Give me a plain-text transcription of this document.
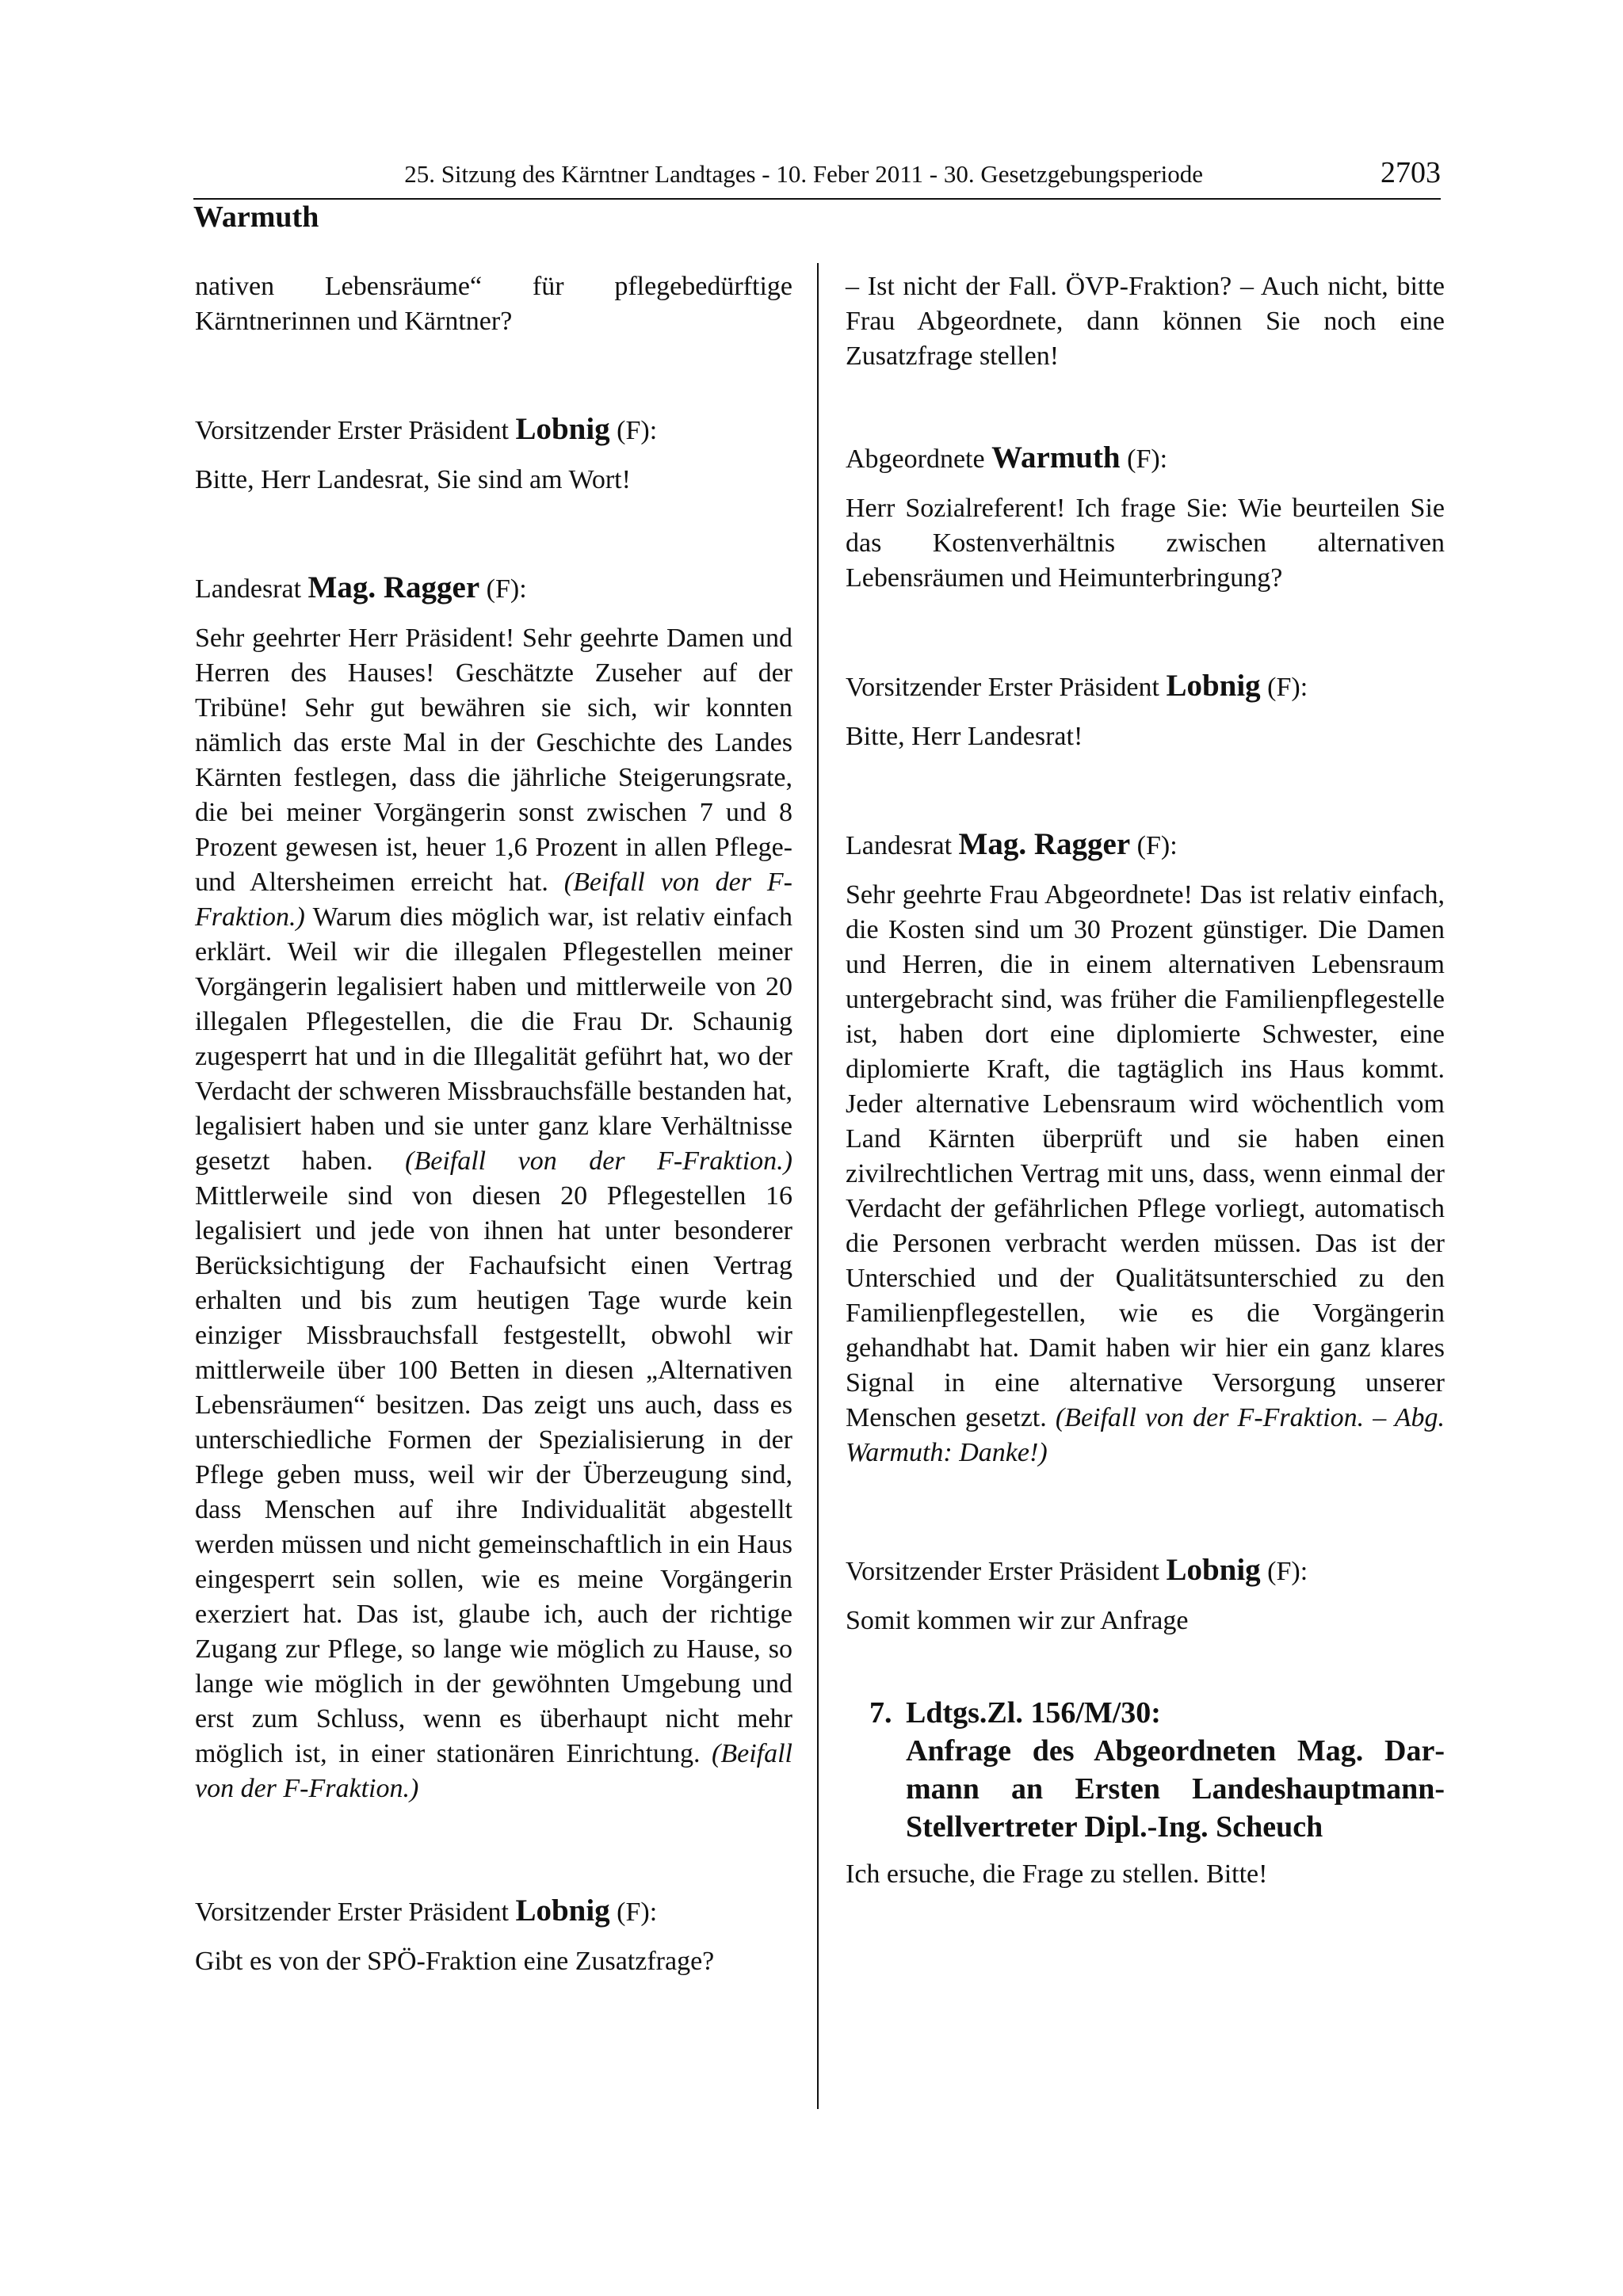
25. Sitzung des Kärntner Landtages - 10. Feber 2011 - 30. Gesetzgebungsperiode	2703
Warmuth

nativen Lebensräume“ für pflegebedürftige Kärntnerinnen und Kärntner?

Vorsitzender Erster Präsident Lobnig (F):

Bitte, Herr Landesrat, Sie sind am Wort!

Landesrat Mag. Ragger (F):

Sehr geehrter Herr Präsident! Sehr geehrte Damen und Herren des Hauses! Geschätzte Zuseher auf der Tribüne! Sehr gut bewähren sie sich, wir konnten nämlich das erste Mal in der Geschichte des Landes Kärnten festlegen, dass die jährliche Steigerungsrate, die bei meiner Vorgängerin sonst zwischen 7 und 8 Prozent gewesen ist, heuer 1,6 Prozent in allen Pflege- und Altersheimen erreicht hat. (Beifall von der F-Fraktion.) Warum dies möglich war, ist relativ einfach erklärt. Weil wir die illegalen Pflegestellen meiner Vorgängerin legalisiert haben und mittlerweile von 20 illegalen Pflegestellen, die die Frau Dr. Schaunig zugesperrt hat und in die Illegalität geführt hat, wo der Verdacht der schweren Missbrauchsfälle bestanden hat, legalisiert haben und sie unter ganz klare Verhältnisse gesetzt haben. (Beifall von der F-Fraktion.) Mittlerweile sind von diesen 20 Pflegestellen 16 legalisiert und jede von ihnen hat unter besonderer Berücksichtigung der Fachaufsicht einen Vertrag erhalten und bis zum heutigen Tage wurde kein einziger Missbrauchsfall festgestellt, obwohl wir mittlerweile über 100 Betten in diesen „Alternativen Lebensräumen“ besitzen. Das zeigt uns auch, dass es unterschiedliche Formen der Spezialisierung in der Pflege geben muss, weil wir der Überzeugung sind, dass Menschen auf ihre Individualität abgestellt werden müssen und nicht gemeinschaftlich in ein Haus eingesperrt sein sollen, wie es meine Vorgängerin exerziert hat. Das ist, glaube ich, auch der richtige Zugang zur Pflege, so lange wie möglich zu Hause, so lange wie möglich in der gewöhnten Umgebung und erst zum Schluss, wenn es überhaupt nicht mehr möglich ist, in einer stationären Einrichtung. (Beifall von der F-Fraktion.)

Vorsitzender Erster Präsident Lobnig (F):

Gibt es von der SPÖ-Fraktion eine Zusatzfrage?

– Ist nicht der Fall. ÖVP-Fraktion? – Auch nicht, bitte Frau Abgeordnete, dann können Sie noch eine Zusatzfrage stellen!

Abgeordnete Warmuth (F):

Herr Sozialreferent! Ich frage Sie: Wie beurteilen Sie das Kostenverhältnis zwischen alternativen Lebensräumen und Heimunterbringung?

Vorsitzender Erster Präsident Lobnig (F):

Bitte, Herr Landesrat!

Landesrat Mag. Ragger (F):

Sehr geehrte Frau Abgeordnete! Das ist relativ einfach, die Kosten sind um 30 Prozent günstiger. Die Damen und Herren, die in einem alternativen Lebensraum untergebracht sind, was früher die Familienpflegestelle ist, haben dort eine diplomierte Schwester, eine diplomierte Kraft, die tagtäglich ins Haus kommt. Jeder alternative Lebensraum wird wöchentlich vom Land Kärnten überprüft und sie haben einen zivilrechtlichen Vertrag mit uns, dass, wenn einmal der Verdacht der gefährlichen Pflege vorliegt, automatisch die Personen verbracht werden müssen. Das ist der Unterschied und der Qualitätsunterschied zu den Familienpflegestellen, wie es die Vorgängerin gehandhabt hat. Damit haben wir hier ein ganz klares Signal in eine alternative Versorgung unserer Menschen gesetzt. (Beifall von der F-Fraktion. – Abg. Warmuth: Danke!)

Vorsitzender Erster Präsident Lobnig (F):

Somit kommen wir zur Anfrage

7. Ldtgs.Zl. 156/M/30:
Anfrage des Abgeordneten Mag. Darmann an Ersten Landeshauptmann-Stellvertreter Dipl.-Ing. Scheuch

Ich ersuche, die Frage zu stellen. Bitte!
